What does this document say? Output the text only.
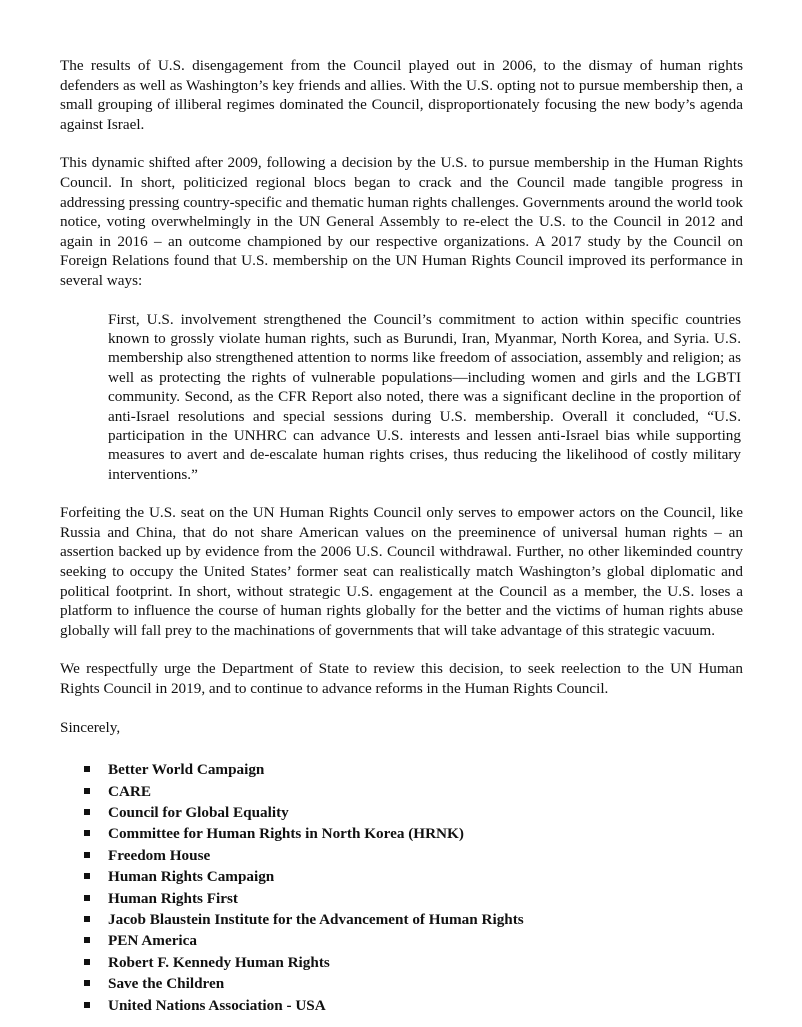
The results of U.S. disengagement from the Council played out in 2006, to the dismay of human rights defenders as well as Washington’s key friends and allies. With the U.S. opting not to pursue membership then, a small grouping of illiberal regimes dominated the Council, disproportionately focusing the new body’s agenda against Israel.

This dynamic shifted after 2009, following a decision by the U.S. to pursue membership in the Human Rights Council. In short, politicized regional blocs began to crack and the Council made tangible progress in addressing pressing country-specific and thematic human rights challenges. Governments around the world took notice, voting overwhelmingly in the UN General Assembly to re-elect the U.S. to the Council in 2012 and again in 2016 – an outcome championed by our respective organizations. A 2017 study by the Council on Foreign Relations found that U.S. membership on the UN Human Rights Council improved its performance in several ways:

First, U.S. involvement strengthened the Council’s commitment to action within specific countries known to grossly violate human rights, such as Burundi, Iran, Myanmar, North Korea, and Syria. U.S. membership also strengthened attention to norms like freedom of association, assembly and religion; as well as protecting the rights of vulnerable populations—including women and girls and the LGBTI community. Second, as the CFR Report also noted, there was a significant decline in the proportion of anti-Israel resolutions and special sessions during U.S. membership. Overall it concluded, “U.S. participation in the UNHRC can advance U.S. interests and lessen anti-Israel bias while supporting measures to avert and de-escalate human rights crises, thus reducing the likelihood of costly military interventions.”

Forfeiting the U.S. seat on the UN Human Rights Council only serves to empower actors on the Council, like Russia and China, that do not share American values on the preeminence of universal human rights – an assertion backed up by evidence from the 2006 U.S. Council withdrawal. Further, no other likeminded country seeking to occupy the United States’ former seat can realistically match Washington’s global diplomatic and political footprint. In short, without strategic U.S. engagement at the Council as a member, the U.S. loses a platform to influence the course of human rights globally for the better and the victims of human rights abuse globally will fall prey to the machinations of governments that will take advantage of this strategic vacuum.

We respectfully urge the Department of State to review this decision, to seek reelection to the UN Human Rights Council in 2019, and to continue to advance reforms in the Human Rights Council.

Sincerely,

Better World Campaign
CARE
Council for Global Equality
Committee for Human Rights in North Korea (HRNK)
Freedom House
Human Rights Campaign
Human Rights First
Jacob Blaustein Institute for the Advancement of Human Rights
PEN America
Robert F. Kennedy Human Rights
Save the Children
United Nations Association - USA
